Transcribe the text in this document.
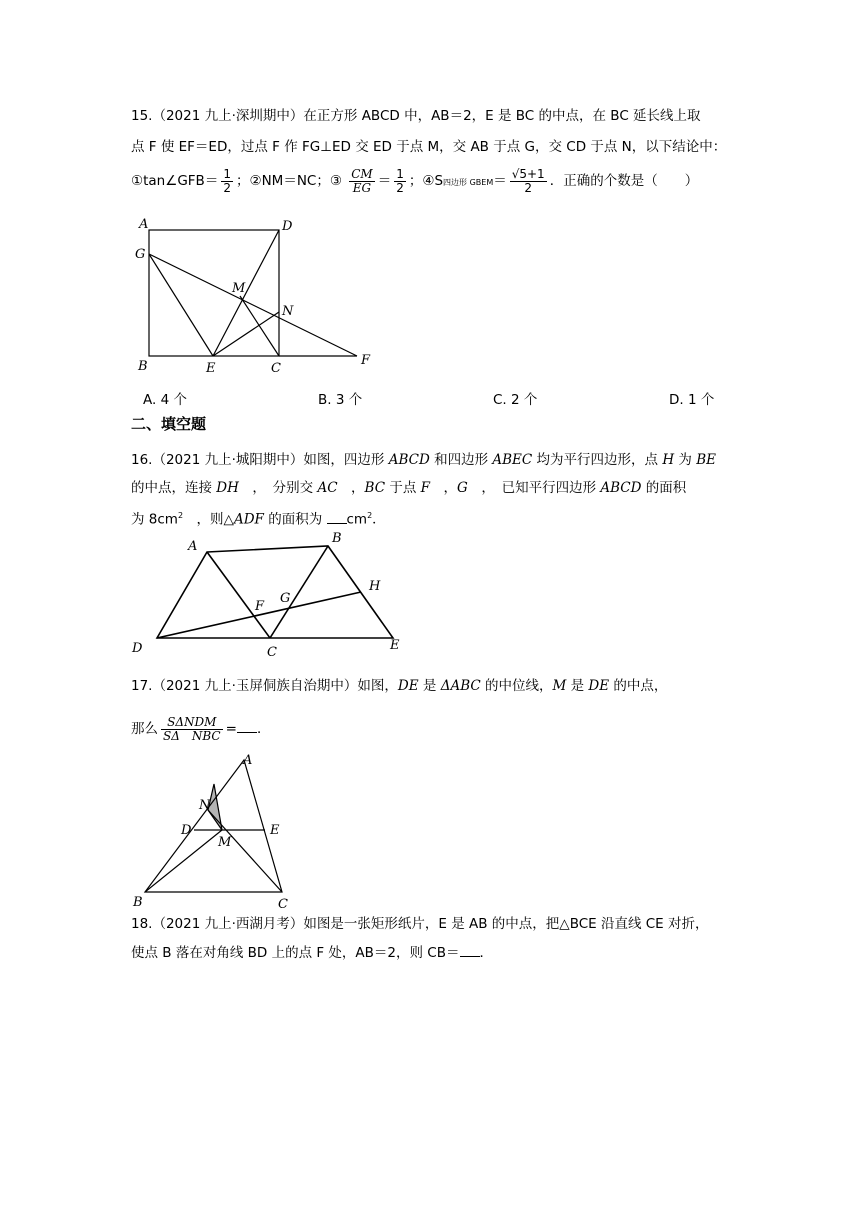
15.（2021 九上·深圳期中）在正方形 ABCD 中，AB＝2，E 是 BC 的中点，在 BC 延长线上取
点 F 使 EF＝ED，过点 F 作 FG⊥ED 交 ED 于点 M，交 AB 于点 G，交 CD 于点 N，以下结论中：
①tan∠GFB＝ $\frac{1}{2}$ ；②NM＝NC；③ $\frac{CM}{EG} = \frac{1}{2}$ ；④S四边形 GBEM＝ $\frac{√5+1}{2}$ ．正确的个数是（　　）
A	D
G
M
N
B	E	C
F
A. 4 个	B. 3 个	C. 2 个	D. 1 个
二、填空题
16.（2021 九上·城阳期中）如图，四边形 ABCD 和四边形 ABEC 均为平行四边形，点 H 为 BE
的中点，连接 DH　，　分别交 AC　，BC 于点 F　，G　，　已知平行四边形 ABCD 的面积
为 $8cm^2$　，则△ADF 的面积为 $cm^2$．
A
B
H
F
G
D	C	E
17.（2021 九上·玉屏侗族自治期中）如图，DE 是 ΔABC 的中位线，M 是 DE 的中点，
那么 $\frac{\text{SΔNDM}}{\text{SΔ　NBC}}$ = ．
A
N
D	E
M
B	C
18.（2021 九上·西湖月考）如图是一张矩形纸片，E 是 AB 的中点，把△BCE 沿直线 CE 对折，
使点 B 落在对角线 BD 上的点 F 处，AB＝2，则 CB＝ ．
